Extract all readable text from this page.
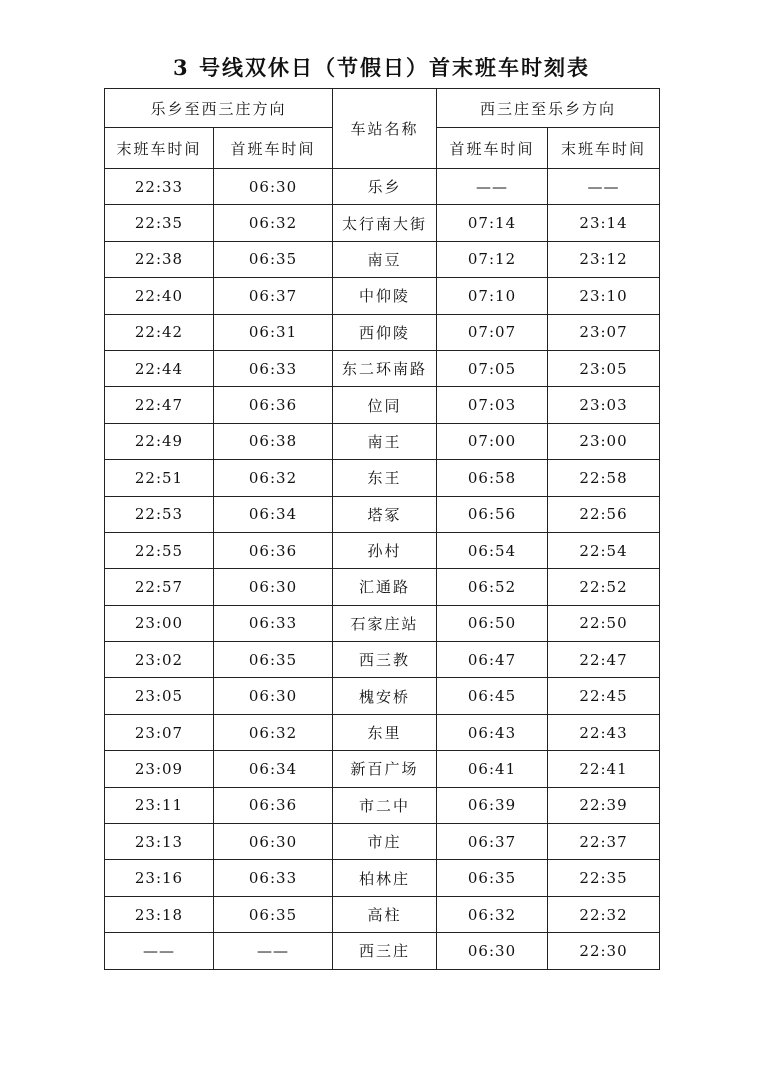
3 号线双休日（节假日）首末班车时刻表
乐乡至西三庄方向		车站名称	西三庄至乐乡方向	
末班车时间	首班车时间		首班车时间	末班车时间
22:33	06:30	乐乡	——	——
22:35	06:32	太行南大街	07:14	23:14
22:38	06:35	南豆	07:12	23:12
22:40	06:37	中仰陵	07:10	23:10
22:42	06:31	西仰陵	07:07	23:07
22:44	06:33	东二环南路	07:05	23:05
22:47	06:36	位同	07:03	23:03
22:49	06:38	南王	07:00	23:00
22:51	06:32	东王	06:58	22:58
22:53	06:34	塔冢	06:56	22:56
22:55	06:36	孙村	06:54	22:54
22:57	06:30	汇通路	06:52	22:52
23:00	06:33	石家庄站	06:50	22:50
23:02	06:35	西三教	06:47	22:47
23:05	06:30	槐安桥	06:45	22:45
23:07	06:32	东里	06:43	22:43
23:09	06:34	新百广场	06:41	22:41
23:11	06:36	市二中	06:39	22:39
23:13	06:30	市庄	06:37	22:37
23:16	06:33	柏林庄	06:35	22:35
23:18	06:35	高柱	06:32	22:32
——	——	西三庄	06:30	22:30
